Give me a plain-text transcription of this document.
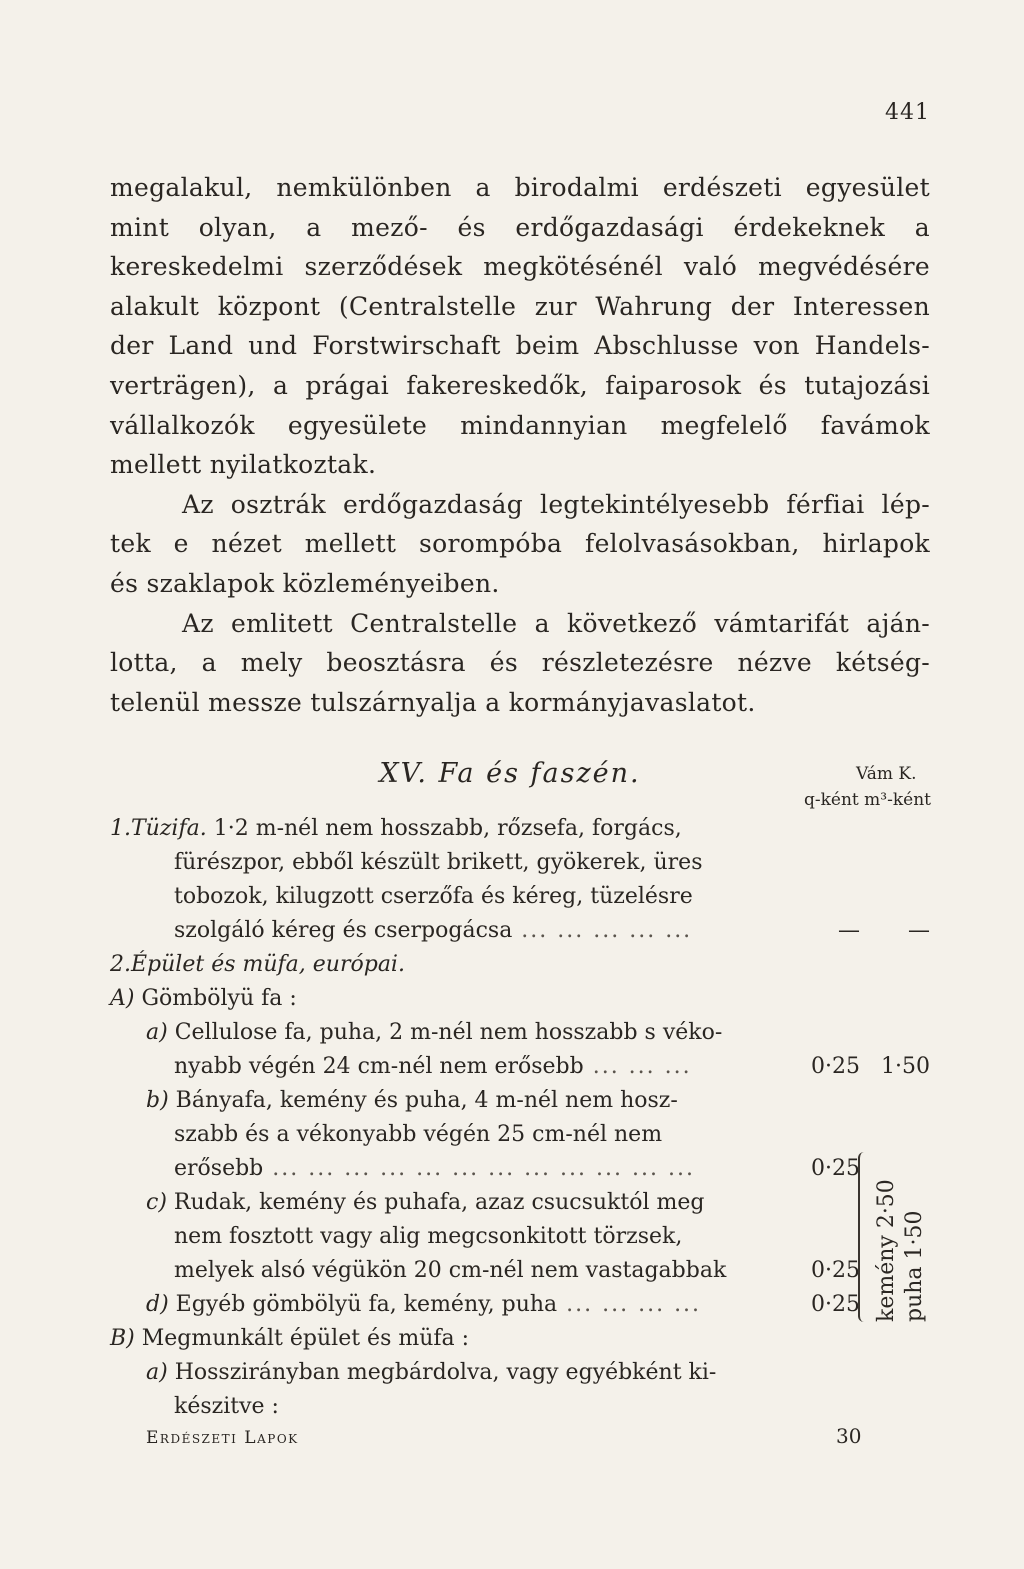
441

megalakul, nemkülönben a birodalmi erdészeti egyesület
mint olyan, a mező- és erdőgazdasági érdekeknek a
kereskedelmi szerződések megkötésénél való megvédésére
alakult központ (Centralstelle zur Wahrung der Interessen
der Land und Forstwirschaft beim Abschlusse von Handels-
verträgen), a prágai fakereskedők, faiparosok és tutajozási
vállalkozók egyesülete mindannyian megfelelő favámok

mellett nyilatkoztak.

Az osztrák erdőgazdaság legtekintélyesebb férfiai lép-
tek e nézet mellett sorompóba felolvasásokban, hirlapok

és szaklapok közleményeiben.

Az emlitett Centralstelle a következő vámtarifát aján-
lotta, a mely beosztásra és részletezésre nézve kétség-

telenül messze tulszárnyalja a kormányjavaslatot.

XV. Fa és faszén.	Vám K.
q-ként m³-ként
1.Tüzifa. 1·2 m-nél nem hosszabb, rőzsefa, forgács,
fürészpor, ebből készült brikett, gyökerek, üres
tobozok, kilugzott cserzőfa és kéreg, tüzelésre
szolgáló kéreg és cserpogácsa ... ... ... ... ...	—	—
2.Épület és müfa, európai.
A) Gömbölyü fa :
a) Cellulose fa, puha, 2 m-nél nem hosszabb s véko-
nyabb végén 24 cm-nél nem erősebb ... ... ...	0·25 1·50
b) Bányafa, kemény és puha, 4 m-nél nem hosz-
szabb és a vékonyabb végén 25 cm-nél nem
erősebb ... ... ... ... ... ... ... ... ... ... ... ...	0·25
c) Rudak, kemény és puhafa, azaz csucsuktól meg
nem fosztott vagy alig megcsonkitott törzsek,
melyek alsó végükön 20 cm-nél nem vastagabbak	0·25
d) Egyéb gömbölyü fa, kemény, puha ... ... ... ...	0·25
B) Megmunkált épület és müfa :
a) Hosszirányban megbárdolva, vagy egyébként ki-
készitve :
kemény 2·50 puha 1·50
Erdészeti Lapok	30
